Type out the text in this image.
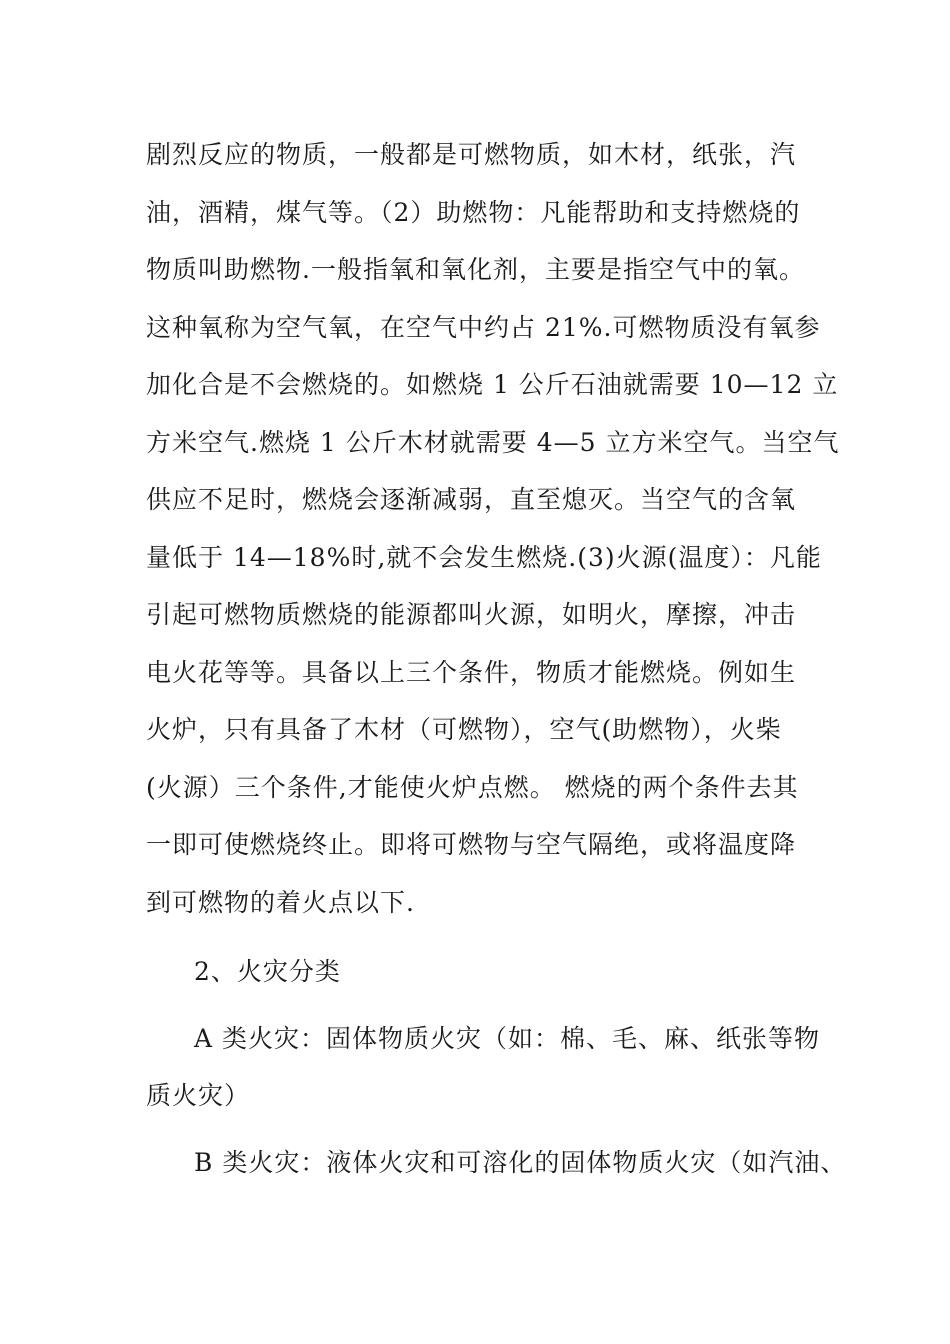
剧烈反应的物质，一般都是可燃物质，如木材，纸张，汽
油，酒精，煤气等。（2）助燃物：凡能帮助和支持燃烧的
物质叫助燃物.一般指氧和氧化剂，主要是指空气中的氧。
这种氧称为空气氧，在空气中约占 21%.可燃物质没有氧参
加化合是不会燃烧的。如燃烧 1 公斤石油就需要 10—12 立
方米空气.燃烧 1 公斤木材就需要 4—5 立方米空气。当空气
供应不足时，燃烧会逐渐减弱，直至熄灭。当空气的含氧
量低于 14—18%时,就不会发生燃烧.(3)火源(温度）：凡能
引起可燃物质燃烧的能源都叫火源，如明火，摩擦，冲击
电火花等等。具备以上三个条件，物质才能燃烧。例如生
火炉，只有具备了木材（可燃物），空气(助燃物），火柴
(火源）三个条件,才能使火炉点燃。 燃烧的两个条件去其
一即可使燃烧终止。即将可燃物与空气隔绝，或将温度降
到可燃物的着火点以下.
2、火灾分类
A 类火灾：固体物质火灾（如：棉、毛、麻、纸张等物
质火灾）
B 类火灾：液体火灾和可溶化的固体物质火灾（如汽油、
